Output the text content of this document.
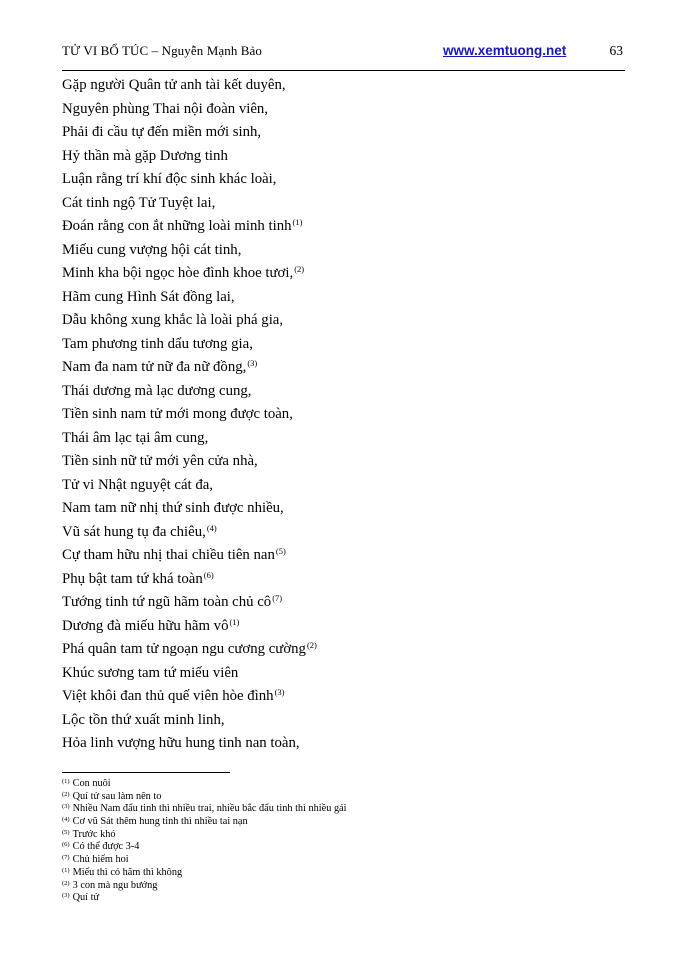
TỬ VI BỔ TÚC – Nguyễn Mạnh Bảo	www.xemtuong.net	63
Gặp người Quân tử anh tài kết duyên,
Nguyên phùng Thai nội đoàn viên,
Phải đi cầu tự đến miền mới sinh,
Hỷ thần mà gặp Dương tinh
Luận rằng trí khí độc sinh khác loài,
Cát tinh ngộ Tử Tuyệt lai,
Đoán rằng con ắt những loài minh tinh$^{(1)}$
Miếu cung vượng hội cát tinh,
Minh kha bội ngọc hòe đình khoe tươi,$^{(2)}$
Hãm cung Hình Sát đồng lai,
Dẫu không xung khắc là loài phá gia,
Tam phương tinh dẩu tương gia,
Nam đa nam tử nữ đa nữ đồng,$^{(3)}$
Thái dương mà lạc dương cung,
Tiền sinh nam tử mới mong được toàn,
Thái âm lạc tại âm cung,
Tiền sinh nữ tử mới yên cửa nhà,
Tử vi Nhật nguyệt cát đa,
Nam tam nữ nhị thứ sinh được nhiều,
Vũ sát hung tụ đa chiêu,$^{(4)}$
Cự tham hữu nhị thai chiều tiên nan$^{(5)}$
Phụ bật tam tứ khá toàn$^{(6)}$
Tướng tinh tứ ngũ hãm toàn chủ cô$^{(7)}$
Dương đà miếu hữu hãm vô$^{(1)}$
Phá quân tam tử ngoạn ngu cương cường$^{(2)}$
Khúc sương tam tứ miếu viên
Việt khôi đan thủ quế viên hòe đình$^{(3)}$
Lộc tồn thứ xuất minh linh,
Hỏa linh vượng hữu hung tinh nan toàn,
$^{(1)}$ Con nuôi
$^{(2)}$ Quí tử sau làm nên to
$^{(3)}$ Nhiều Nam đẩu tinh thì nhiều trai, nhiều bắc đẩu tinh thì nhiều gái
$^{(4)}$ Cơ vũ Sát thêm hung tinh thì nhiều tai nạn
$^{(5)}$ Trước khó
$^{(6)}$ Có thể được 3-4
$^{(7)}$ Chủ hiếm hoi
$^{(1)}$ Miếu thì có hãm thì không
$^{(2)}$ 3 con mà ngu bướng
$^{(3)}$ Quí tử
